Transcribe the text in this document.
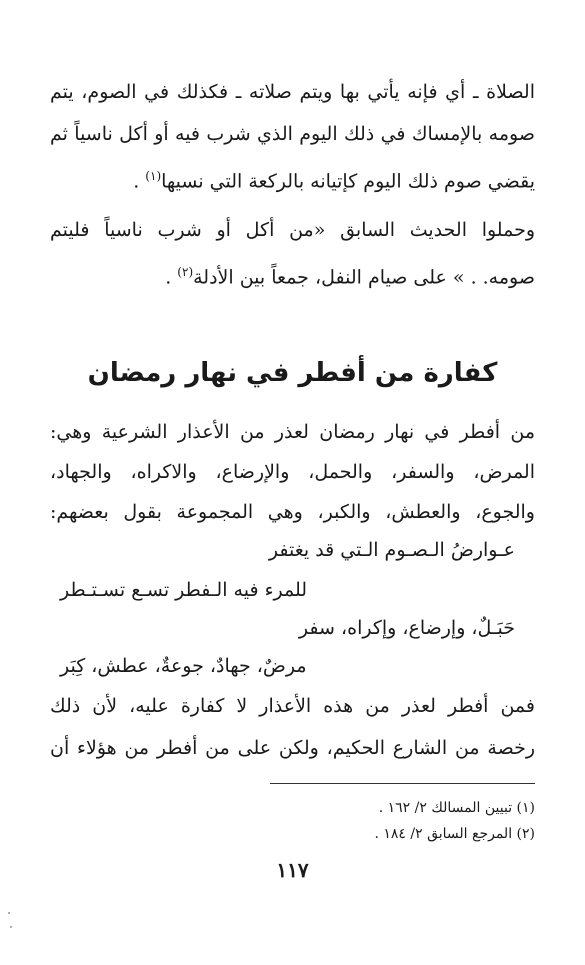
الصلاة ـ أي فإنه يأتي بها ويتم صلاته ـ فكذلك في الصوم، يتم
صومه بالإمساك في ذلك اليوم الذي شرب فيه أو أكل ناسياً ثم
يقضي صوم ذلك اليوم كإتيانه بالركعة التي نسيها$^{(١)}$ .
وحملوا الحديث السابق «من أكل أو شرب ناسياً فليتم
صومه. . » على صيام النفل، جمعاً بين الأدلة$^{(٢)}$ .
كفارة من أفطر في نهار رمضان
من أفطر في نهار رمضان لعذر من الأعذار الشرعية وهي:
المرض، والسفر، والحمل، والإرضاع، والاكراه، والجهاد،
والجوع، والعطش، والكبر، وهي المجموعة بقول بعضهم:
عـوارضُ الـصـوم الـتي قد يغتفر
للمرء فيه الـفطر تسـع تسـتـطر
حَبَـلٌ، وإرضاع، وإكراه، سفر
مرضٌ، جهادٌ، جوعةٌ، عطش، كِبَر
فمن أفطر لعذر من هذه الأعذار لا كفارة عليه، لأن ذلك
رخصة من الشارع الحكيم، ولكن على من أفطر من هؤلاء أن
(١) تبيين المسالك ٢/ ١٦٢ .
(٢) المرجع السابق ٢/ ١٨٤ .
١١٧
